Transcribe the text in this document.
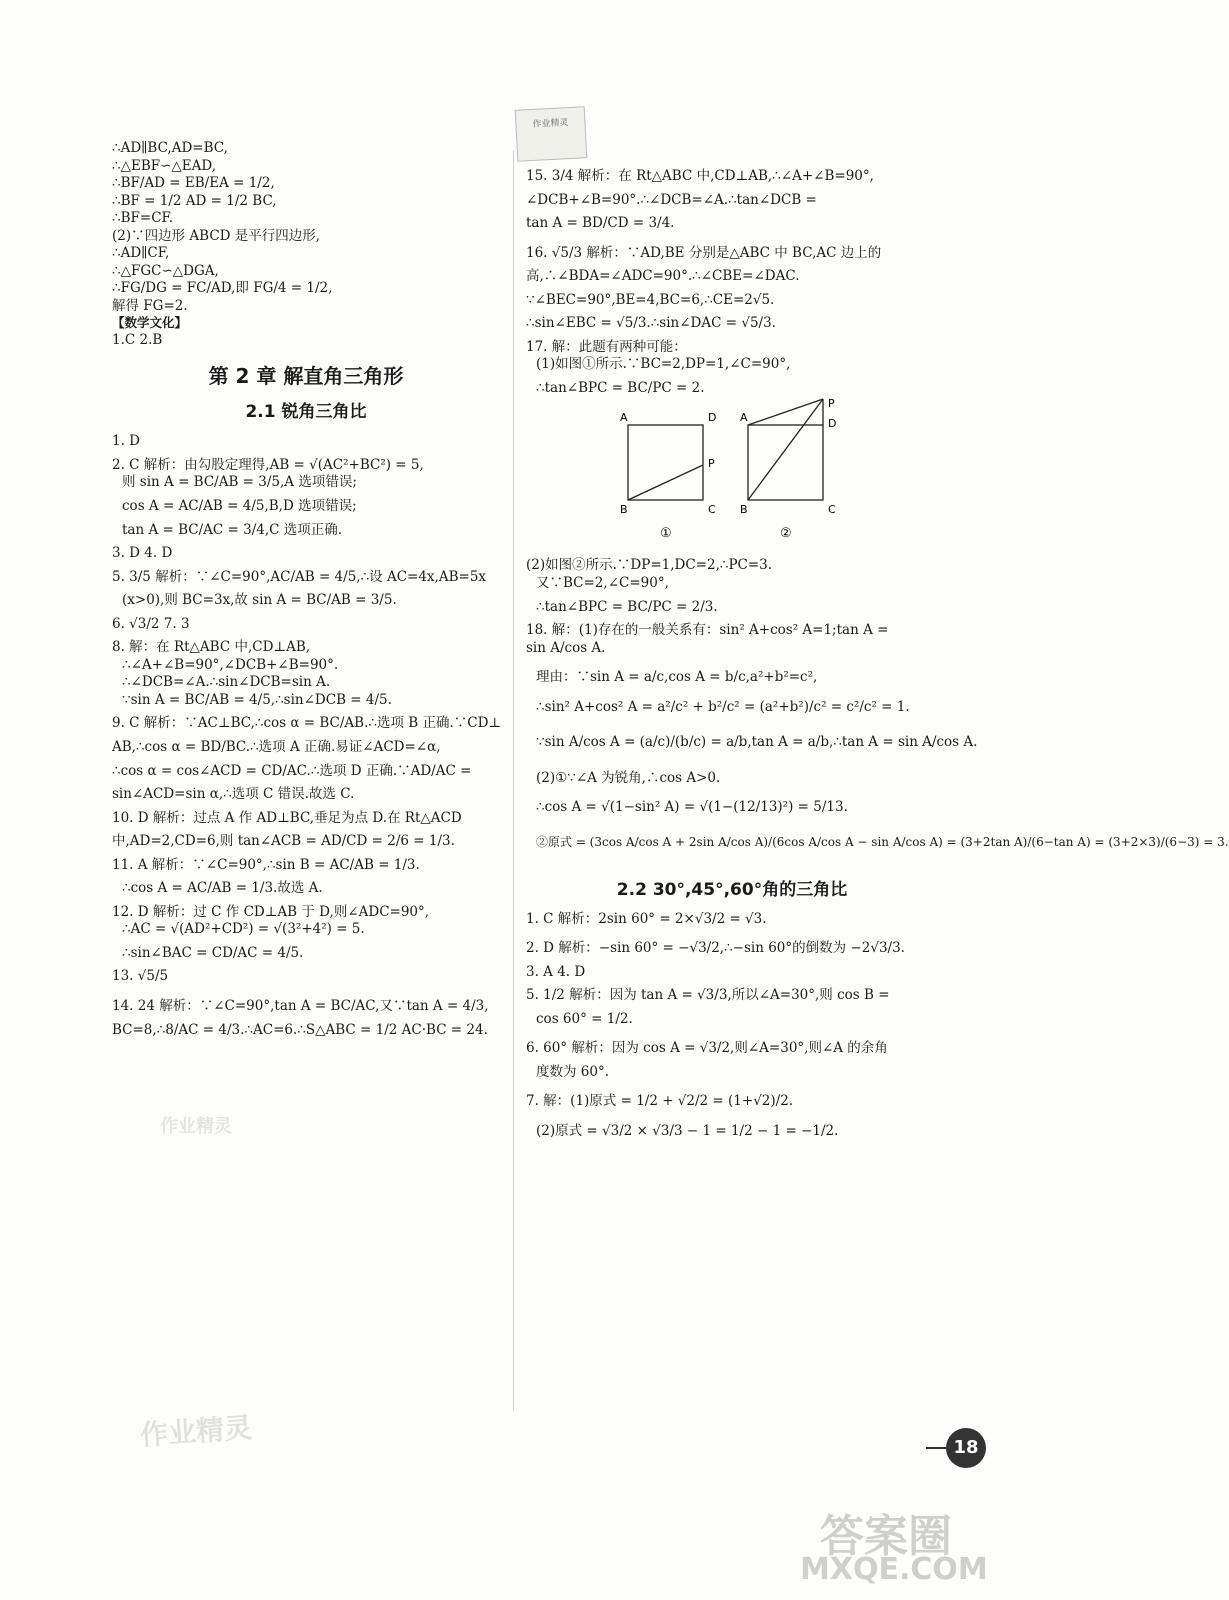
作业精灵

∴AD∥BC,AD=BC,

∴△EBF∽△EAD,

∴BF/AD = EB/EA = 1/2,

∴BF = 1/2 AD = 1/2 BC,

∴BF=CF.

(2)∵四边形 ABCD 是平行四边形,

∴AD∥CF,

∴△FGC∽△DGA,

∴FG/DG = FC/AD,即 FG/4 = 1/2,

解得 FG=2.

【数学文化】

1.C 2.B

第 2 章 解直角三角形
2.1 锐角三角比

1. D

2. C 解析：由勾股定理得,AB = √(AC²+BC²) = 5,

则 sin A = BC/AB = 3/5,A 选项错误;

cos A = AC/AB = 4/5,B,D 选项错误;

tan A = BC/AC = 3/4,C 选项正确.

3. D 4. D

5. 3/5 解析：∵∠C=90°,AC/AB = 4/5,∴设 AC=4x,AB=5x

(x>0),则 BC=3x,故 sin A = BC/AB = 3/5.

6. √3/2 7. 3

8. 解：在 Rt△ABC 中,CD⊥AB,

∴∠A+∠B=90°,∠DCB+∠B=90°.

∴∠DCB=∠A.∴sin∠DCB=sin A.

∵sin A = BC/AB = 4/5,∴sin∠DCB = 4/5.

9. C 解析：∵AC⊥BC,∴cos α = BC/AB.∴选项 B 正确.∵CD⊥

AB,∴cos α = BD/BC.∴选项 A 正确.易证∠ACD=∠α,

∴cos α = cos∠ACD = CD/AC.∴选项 D 正确.∵AD/AC =

sin∠ACD=sin α,∴选项 C 错误.故选 C.

10. D 解析：过点 A 作 AD⊥BC,垂足为点 D.在 Rt△ACD

中,AD=2,CD=6,则 tan∠ACB = AD/CD = 2/6 = 1/3.

11. A 解析：∵∠C=90°,∴sin B = AC/AB = 1/3.

∴cos A = AC/AB = 1/3.故选 A.

12. D 解析：过 C 作 CD⊥AB 于 D,则∠ADC=90°,

∴AC = √(AD²+CD²) = √(3²+4²) = 5.

∴sin∠BAC = CD/AC = 4/5.

13. √5/5

14. 24 解析：∵∠C=90°,tan A = BC/AC,又∵tan A = 4/3,

BC=8,∴8/AC = 4/3.∴AC=6.∴S△ABC = 1/2 AC·BC = 24.

15. 3/4 解析：在 Rt△ABC 中,CD⊥AB,∴∠A+∠B=90°,

∠DCB+∠B=90°.∴∠DCB=∠A.∴tan∠DCB =

tan A = BD/CD = 3/4.

16. √5/3 解析：∵AD,BE 分别是△ABC 中 BC,AC 边上的

高,∴∠BDA=∠ADC=90°.∴∠CBE=∠DAC.

∵∠BEC=90°,BE=4,BC=6,∴CE=2√5.

∴sin∠EBC = √5/3.∴sin∠DAC = √5/3.

17. 解：此题有两种可能：

(1)如图①所示.∵BC=2,DP=1,∠C=90°,

∴tan∠BPC = BC/PC = 2.

A	D
P
B	C
①
A	D
P
B	C
②

(2)如图②所示.∵DP=1,DC=2,∴PC=3.

又∵BC=2,∠C=90°,

∴tan∠BPC = BC/PC = 2/3.

18. 解：(1)存在的一般关系有：sin² A+cos² A=1;tan A =

sin A/cos A.

理由：∵sin A = a/c,cos A = b/c,a²+b²=c²,

∴sin² A+cos² A = a²/c² + b²/c² = (a²+b²)/c² = c²/c² = 1.

∵sin A/cos A = (a/c)/(b/c) = a/b,tan A = a/b,∴tan A = sin A/cos A.

(2)①∵∠A 为锐角,∴cos A>0.

∴cos A = √(1−sin² A) = √(1−(12/13)²) = 5/13.

②原式 = (3cos A/cos A + 2sin A/cos A)/(6cos A/cos A − sin A/cos A) = (3+2tan A)/(6−tan A) = (3+2×3)/(6−3) = 3.

2.2 30°,45°,60°角的三角比

1. C 解析：2sin 60° = 2×√3/2 = √3.

2. D 解析：−sin 60° = −√3/2,∴−sin 60°的倒数为 −2√3/3.

3. A 4. D

5. 1/2 解析：因为 tan A = √3/3,所以∠A=30°,则 cos B =

cos 60° = 1/2.

6. 60° 解析：因为 cos A = √3/2,则∠A=30°,则∠A 的余角

度数为 60°.

7. 解：(1)原式 = 1/2 + √2/2 = (1+√2)/2.

(2)原式 = √3/2 × √3/3 − 1 = 1/2 − 1 = −1/2.

18
作业精灵
作业精灵
答案圈
MXQE.COM
